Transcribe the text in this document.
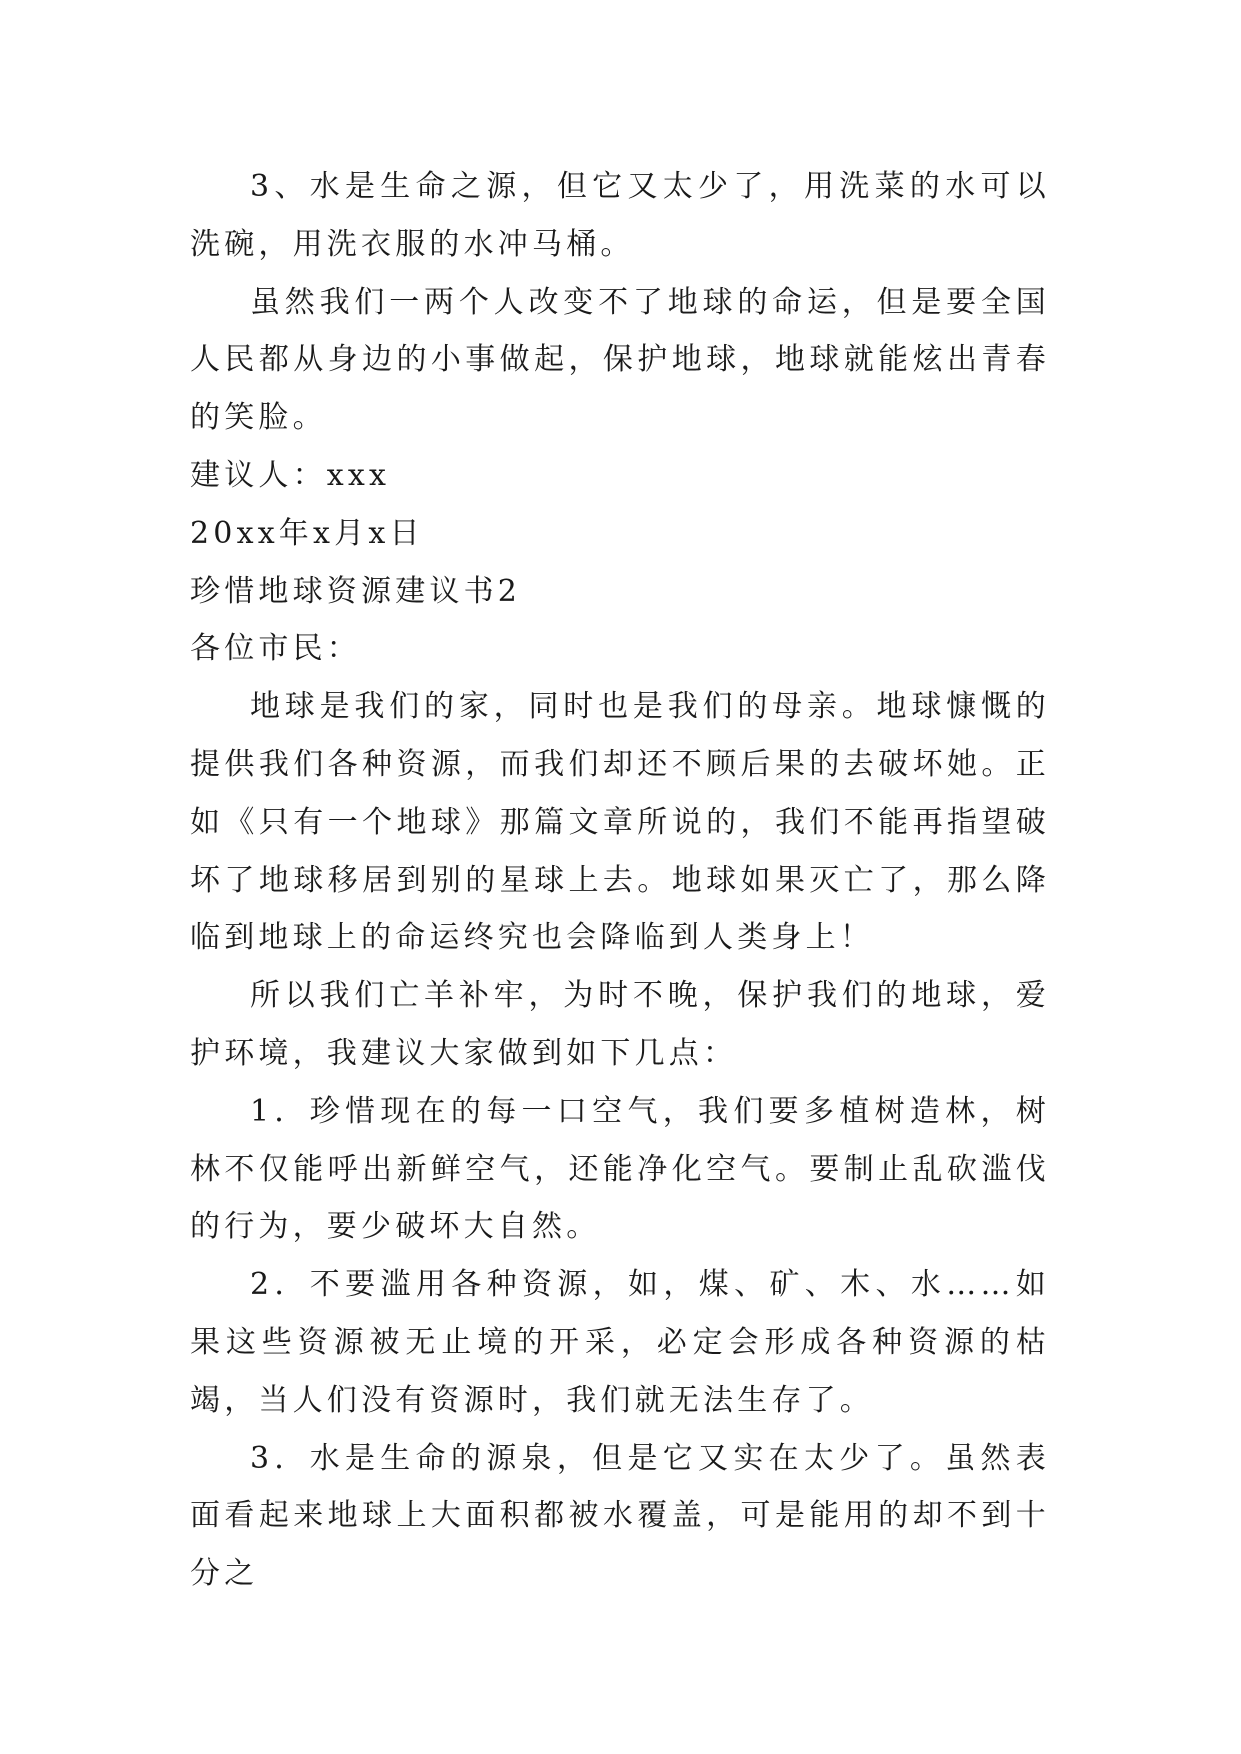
3、水是生命之源，但它又太少了，用洗菜的水可以洗碗，用洗衣服的水冲马桶。

虽然我们一两个人改变不了地球的命运，但是要全国人民都从身边的小事做起，保护地球，地球就能炫出青春的笑脸。

建议人：xxx

20xx年x月x日

珍惜地球资源建议书2

各位市民：

地球是我们的家，同时也是我们的母亲。地球慷慨的提供我们各种资源，而我们却还不顾后果的去破坏她。正如《只有一个地球》那篇文章所说的，我们不能再指望破坏了地球移居到别的星球上去。地球如果灭亡了，那么降临到地球上的命运终究也会降临到人类身上！

所以我们亡羊补牢，为时不晚，保护我们的地球，爱护环境，我建议大家做到如下几点：

1．珍惜现在的每一口空气，我们要多植树造林，树林不仅能呼出新鲜空气，还能净化空气。要制止乱砍滥伐的行为，要少破坏大自然。

2．不要滥用各种资源，如，煤、矿、木、水……如果这些资源被无止境的开采，必定会形成各种资源的枯竭，当人们没有资源时，我们就无法生存了。

3．水是生命的源泉，但是它又实在太少了。虽然表面看起来地球上大面积都被水覆盖，可是能用的却不到十分之
